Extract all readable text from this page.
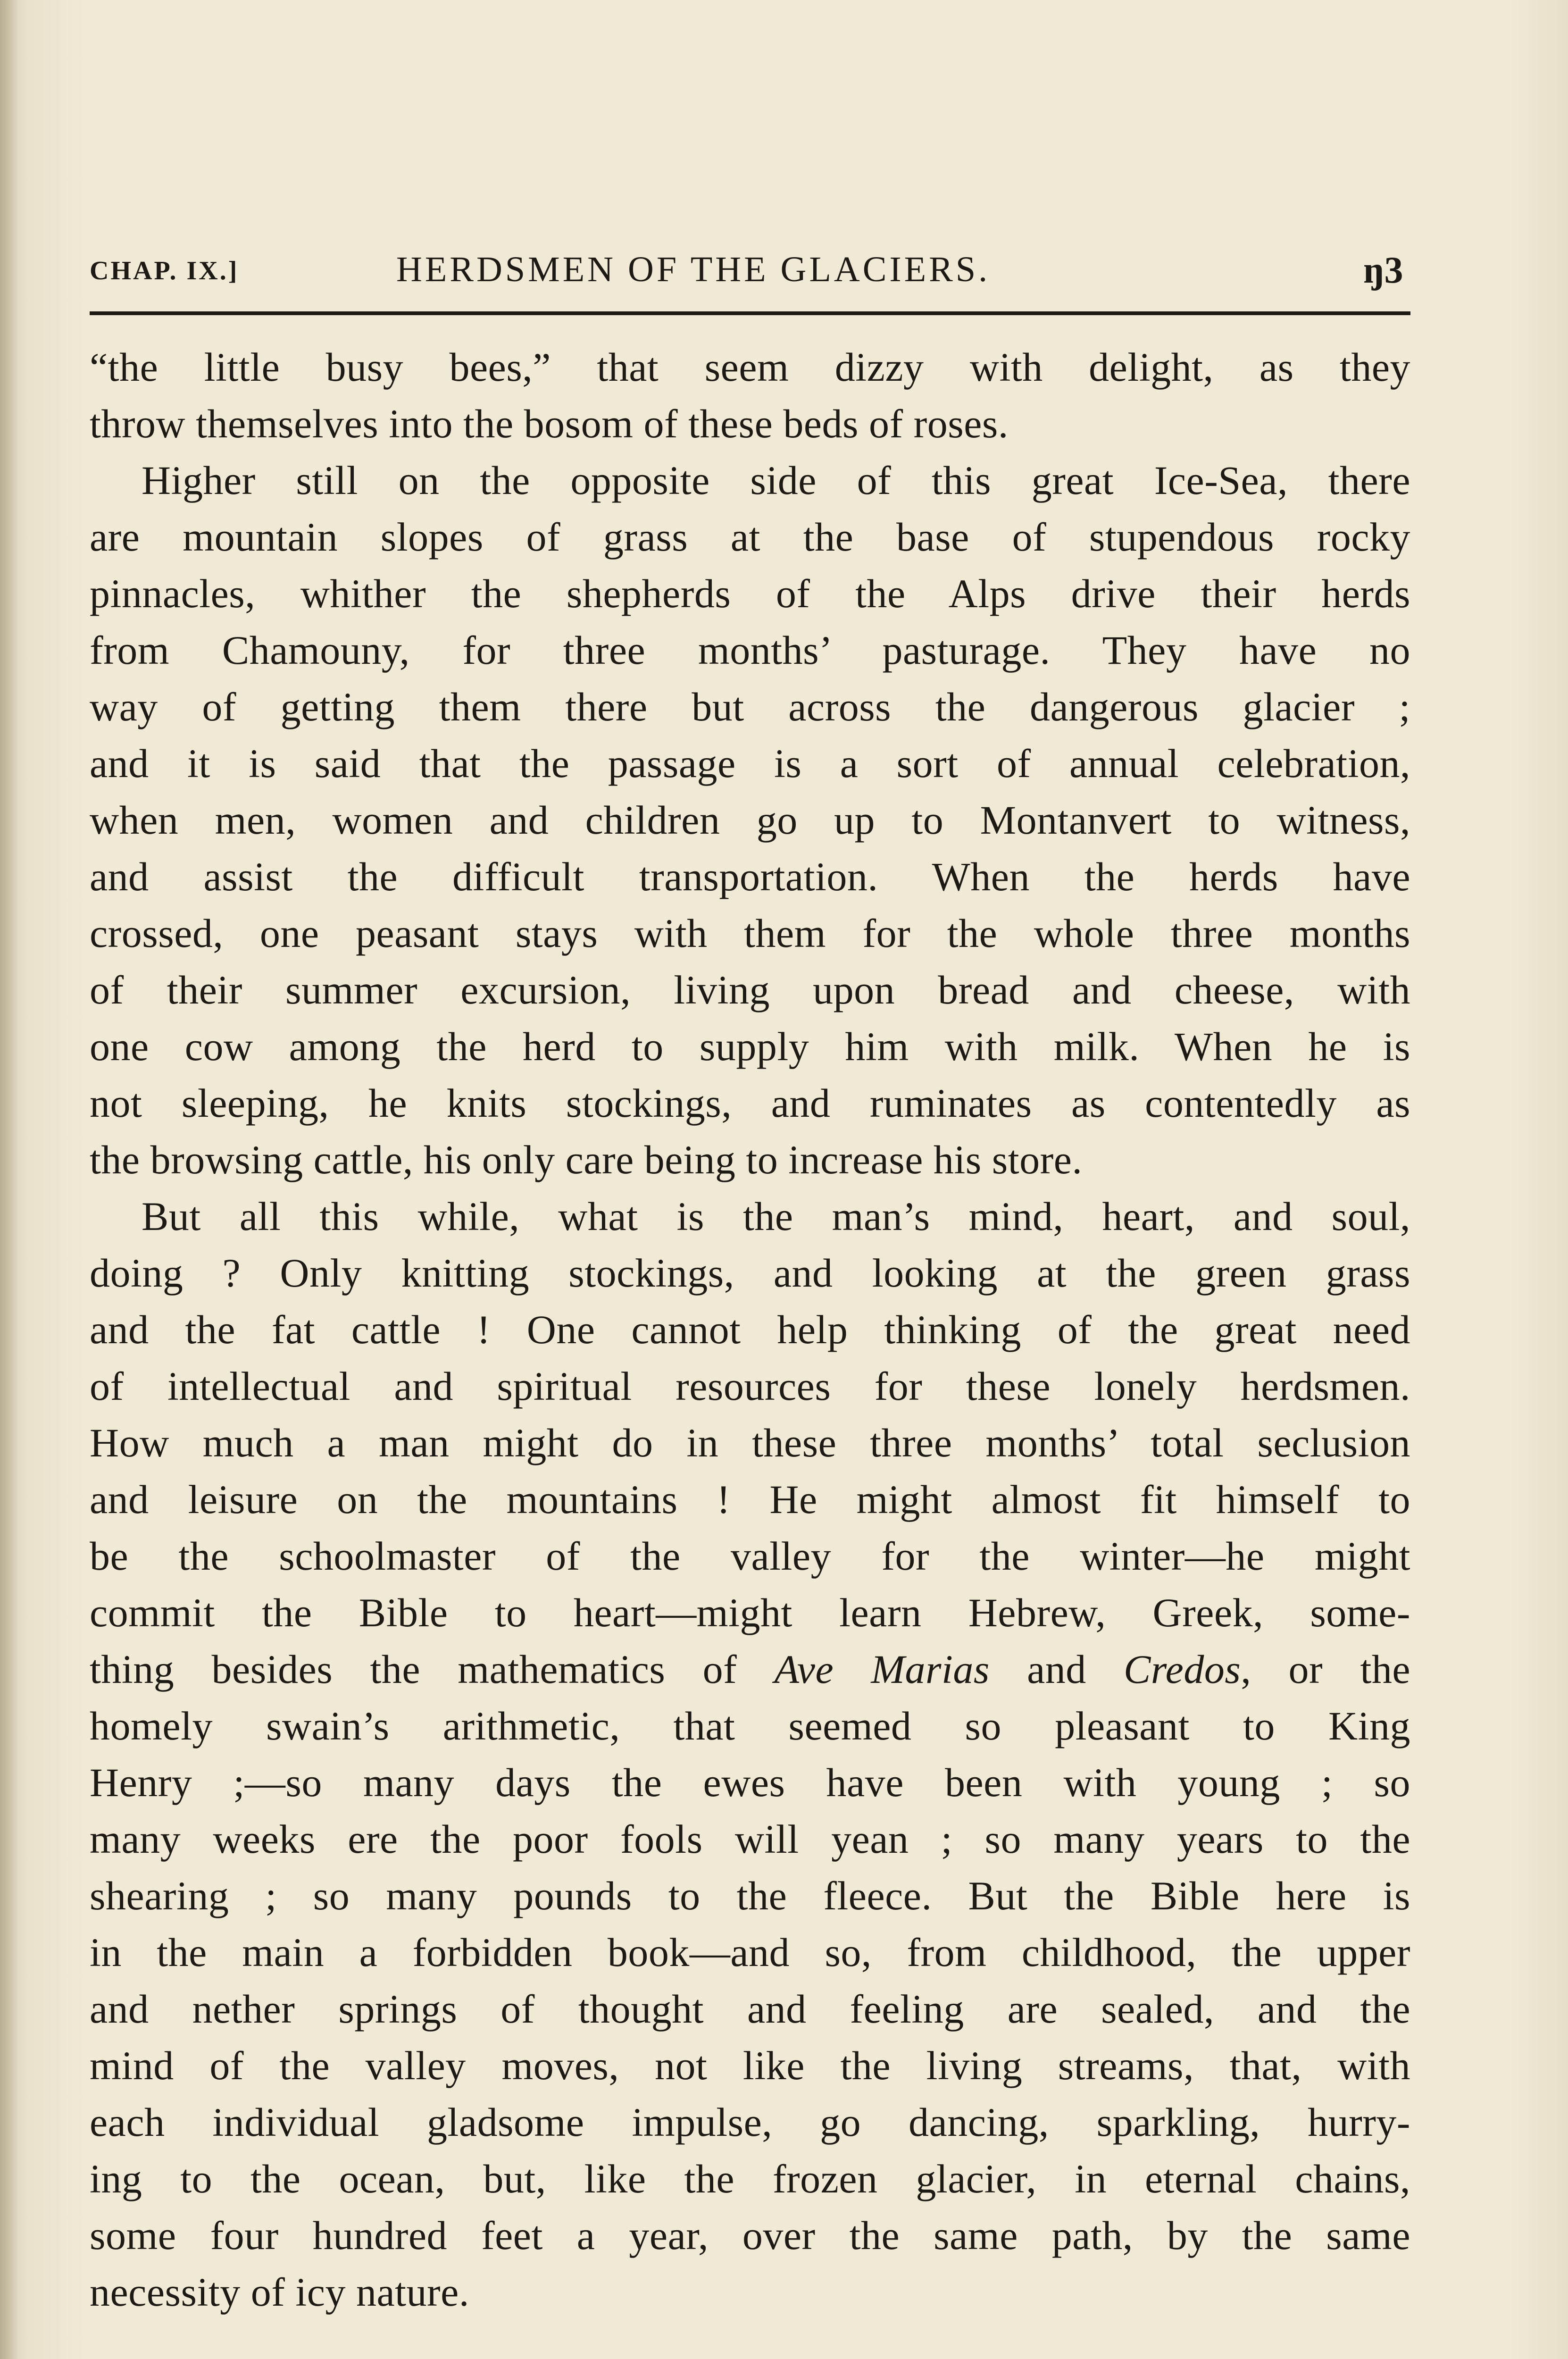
CHAP. IX.]	HERDSMEN OF THE GLACIERS.	ŋ3
“the little busy bees,” that seem dizzy with delight, as they
throw themselves into the bosom of these beds of roses.
Higher still on the opposite side of this great Ice-Sea, there
are mountain slopes of grass at the base of stupendous rocky
pinnacles, whither the shepherds of the Alps drive their herds
from Chamouny, for three months’ pasturage. They have no
way of getting them there but across the dangerous glacier ;
and it is said that the passage is a sort of annual celebration,
when men, women and children go up to Montanvert to witness,
and assist the difficult transportation. When the herds have
crossed, one peasant stays with them for the whole three months
of their summer excursion, living upon bread and cheese, with
one cow among the herd to supply him with milk. When he is
not sleeping, he knits stockings, and ruminates as contentedly as
the browsing cattle, his only care being to increase his store.
But all this while, what is the man’s mind, heart, and soul,
doing ? Only knitting stockings, and looking at the green grass
and the fat cattle ! One cannot help thinking of the great need
of intellectual and spiritual resources for these lonely herdsmen.
How much a man might do in these three months’ total seclusion
and leisure on the mountains ! He might almost fit himself to
be the schoolmaster of the valley for the winter—he might
commit the Bible to heart—might learn Hebrew, Greek, some-
thing besides the mathematics of Ave Marias and Credos, or the
homely swain’s arithmetic, that seemed so pleasant to King
Henry ;—so many days the ewes have been with young ; so
many weeks ere the poor fools will yean ; so many years to the
shearing ; so many pounds to the fleece. But the Bible here is
in the main a forbidden book—and so, from childhood, the upper
and nether springs of thought and feeling are sealed, and the
mind of the valley moves, not like the living streams, that, with
each individual gladsome impulse, go dancing, sparkling, hurry-
ing to the ocean, but, like the frozen glacier, in eternal chains,
some four hundred feet a year, over the same path, by the same
necessity of icy nature.
